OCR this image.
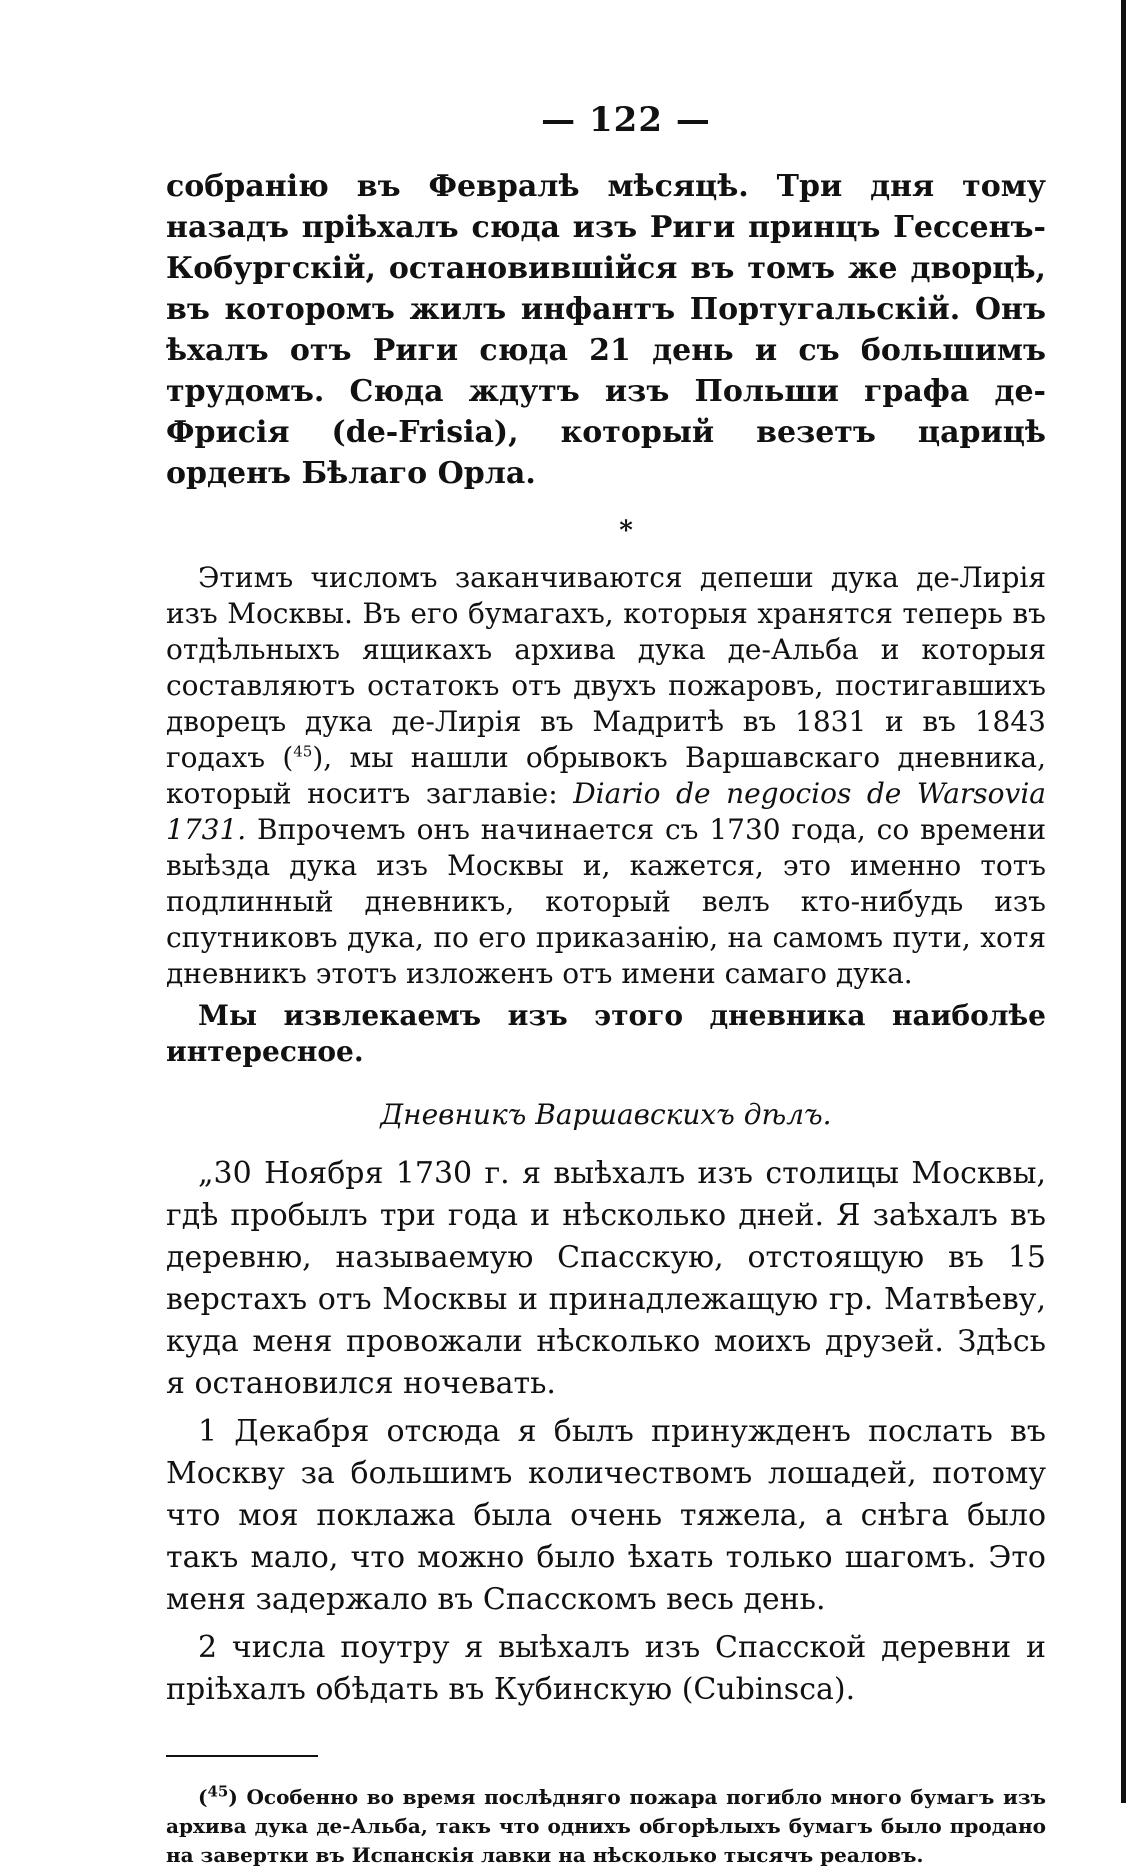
— 122 —

собранію въ Февралѣ мѣсяцѣ. Три дня тому назадъ пріѣхалъ сюда изъ Риги принцъ Гессенъ-Кобургскій, остановившійся въ томъ же дворцѣ, въ которомъ жилъ инфантъ Португальскій. Онъ ѣхалъ отъ Риги сюда 21 день и съ большимъ трудомъ. Сюда ждутъ изъ Польши графа де-Фрисія (de-Frisia), который везетъ царицѣ орденъ Бѣлаго Орла.

*

Этимъ числомъ заканчиваются депеши дука де-Лирія изъ Москвы. Въ его бумагахъ, которыя хранятся теперь въ отдѣльныхъ ящикахъ архива дука де-Альба и которыя составляютъ остатокъ отъ двухъ пожаровъ, постигавшихъ дворецъ дука де-Лирія въ Мадритѣ въ 1831 и въ 1843 годахъ ($^{45}$), мы нашли обрывокъ Варшавскаго дневника, который носитъ заглавіе: Diario de negocios de Warsovia 1731. Впрочемъ онъ начинается съ 1730 года, со времени выѣзда дука изъ Москвы и, кажется, это именно тотъ подлинный дневникъ, который велъ кто-нибудь изъ спутниковъ дука, по его приказанію, на самомъ пути, хотя дневникъ этотъ изложенъ отъ имени самаго дука.

Мы извлекаемъ изъ этого дневника наиболѣе интересное.

Дневникъ Варшавскихъ дѣлъ.

„30 Ноября 1730 г. я выѣхалъ изъ столицы Москвы, гдѣ пробылъ три года и нѣсколько дней. Я заѣхалъ въ деревню, называемую Спасскую, отстоящую въ 15 верстахъ отъ Москвы и принадлежащую гр. Матвѣеву, куда меня провожали нѣсколько моихъ друзей. Здѣсь я остановился ночевать.

1 Декабря отсюда я былъ принужденъ послать въ Москву за большимъ количествомъ лошадей, потому что моя поклажа была очень тяжела, а снѣга было такъ мало, что можно было ѣхать только шагомъ. Это меня задержало въ Спасскомъ весь день.

2 числа поутру я выѣхалъ изъ Спасской деревни и пріѣхалъ обѣдать въ Кубинскую (Cubinsca).

($^{45}$) Особенно во время послѣдняго пожара погибло много бумагъ изъ архива дука де-Альба, такъ что однихъ обгорѣлыхъ бумагъ было продано на завертки въ Испанскія лавки на нѣсколько тысячъ реаловъ.
